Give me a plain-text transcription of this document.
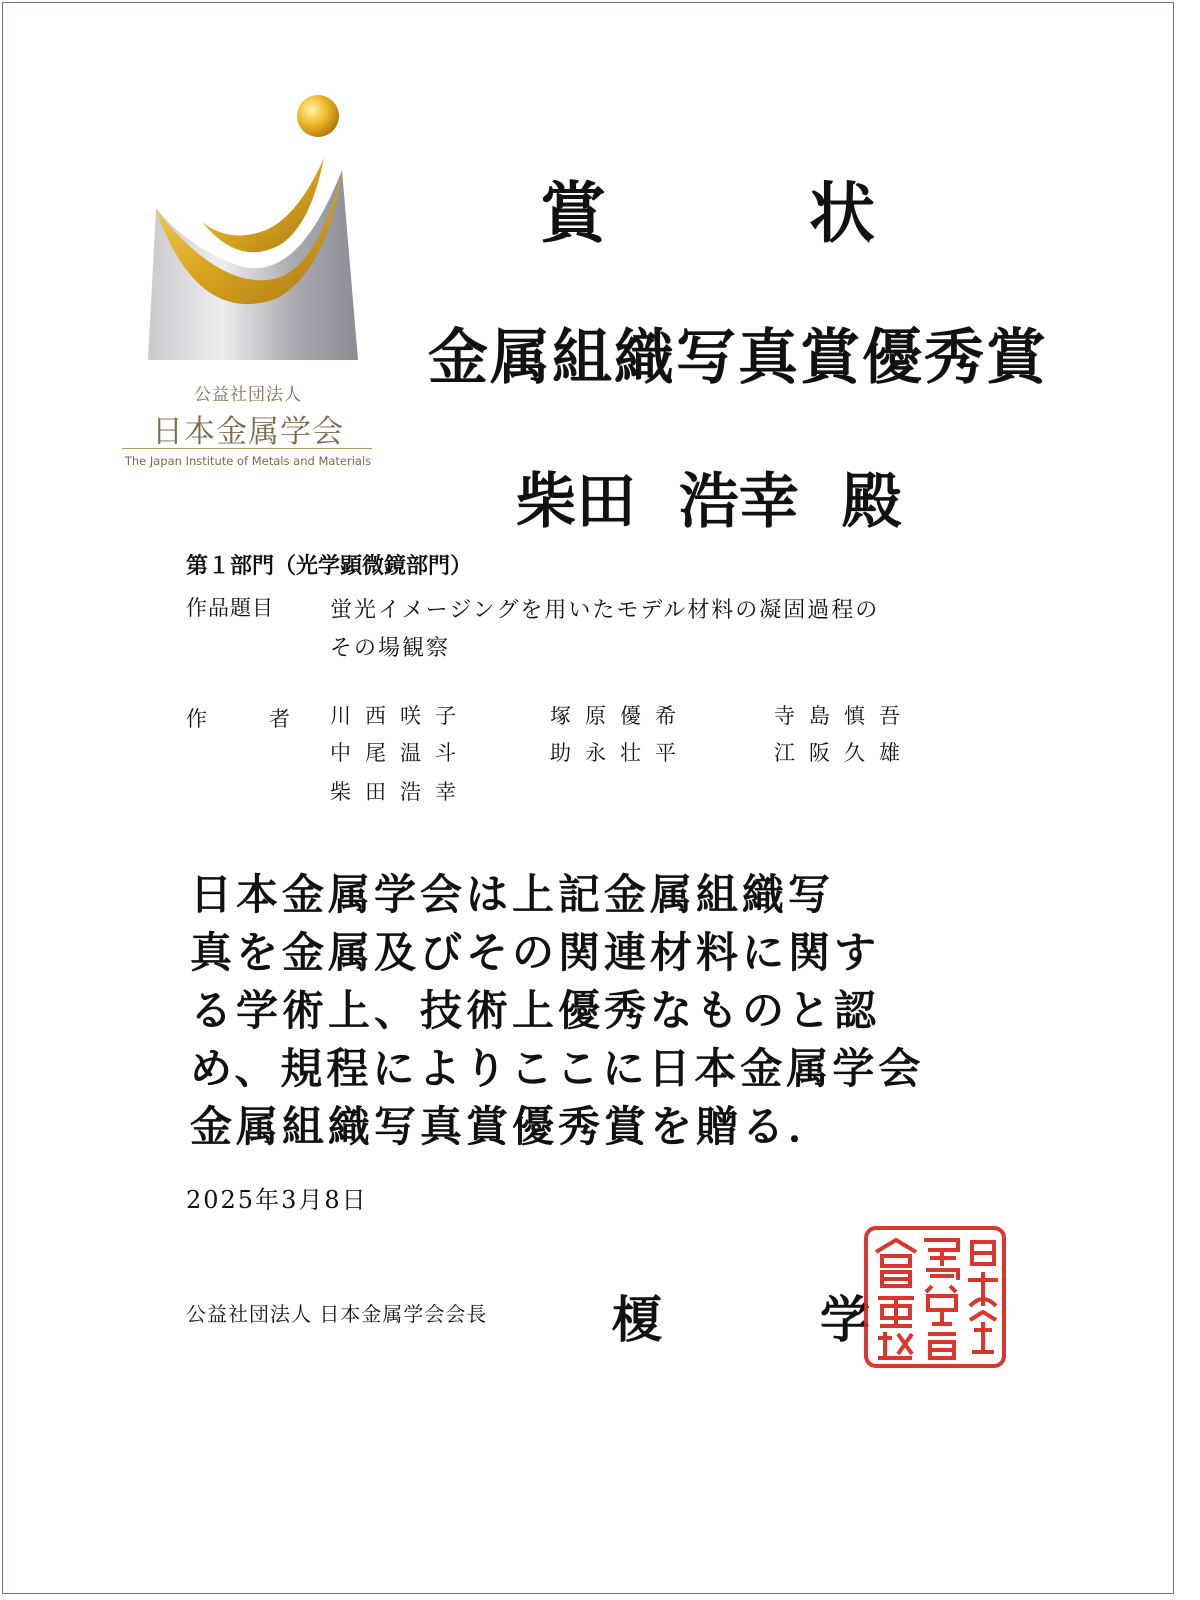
公益社団法人
日本金属学会
The Japan Institute of Metals and Materials
賞 状
金属組織写真賞優秀賞
柴田 浩幸 殿
第１部門（光学顕微鏡部門）
作品題目	蛍光イメージングを用いたモデル材料の凝固過程の
その場観察
作	者 川西咲子	塚原優希	寺島慎吾
中尾温斗	助永壮平	江阪久雄
柴田浩幸
日本金属学会は上記金属組織写
真を金属及びその関連材料に関す
る学術上、技術上優秀なものと認
め、規程によりここに日本金属学会
金属組織写真賞優秀賞を贈る．
2025年3月8日
公益社団法人 日本金属学会会長 榎	学
